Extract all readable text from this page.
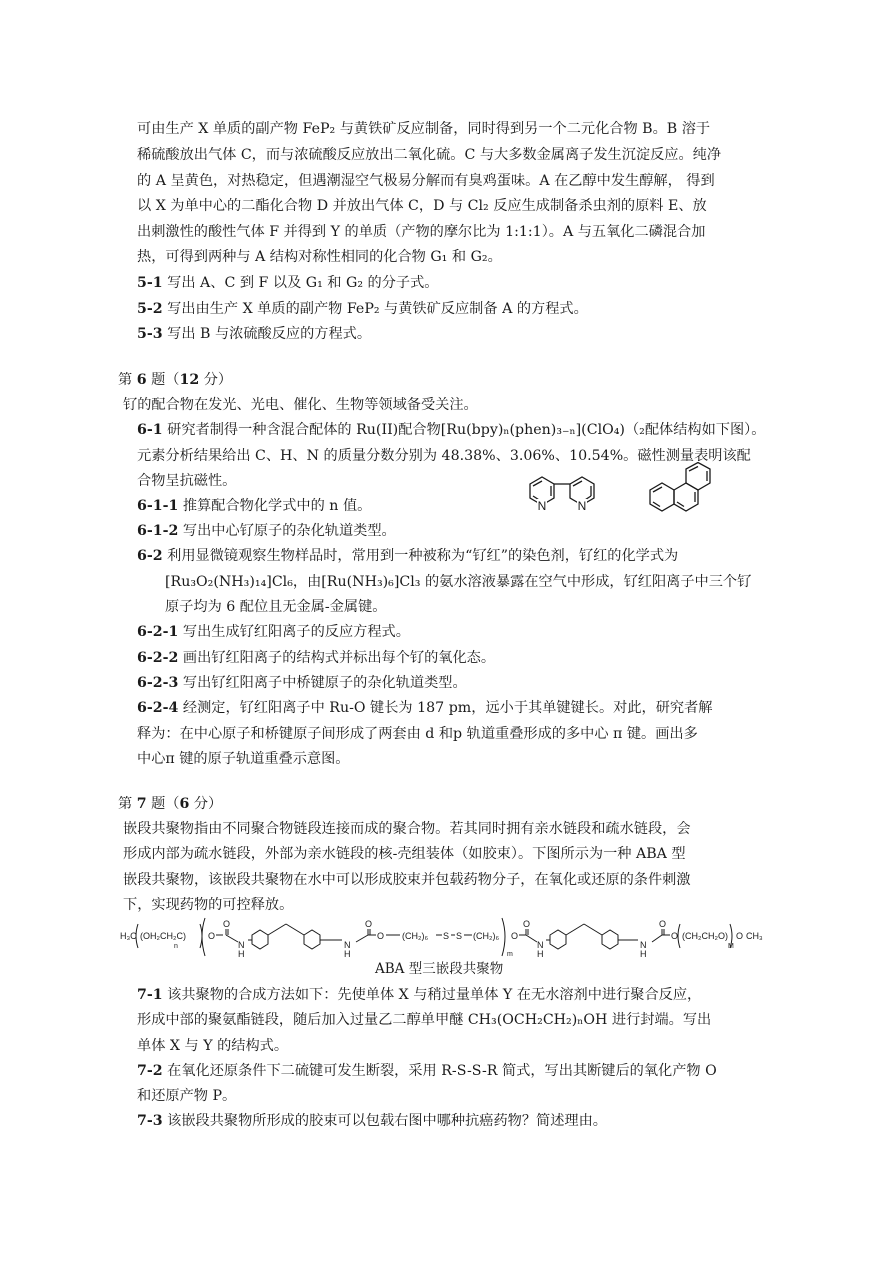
可由生产 X 单质的副产物 FeP₂ 与黄铁矿反应制备，同时得到另一个二元化合物 B。B 溶于
稀硫酸放出气体 C，而与浓硫酸反应放出二氧化硫。C 与大多数金属离子发生沉淀反应。纯净
的 A 呈黄色，对热稳定，但遇潮湿空气极易分解而有臭鸡蛋味。A 在乙醇中发生醇解， 得到
以 X 为单中心的二酯化合物 D 并放出气体 C，D 与 Cl₂ 反应生成制备杀虫剂的原料 E、放
出刺激性的酸性气体 F 并得到 Y 的单质（产物的摩尔比为 1:1:1）。A 与五氧化二磷混合加
热，可得到两种与 A 结构对称性相同的化合物 G₁ 和 G₂。
5-1 写出 A、C 到 F 以及 G₁ 和 G₂ 的分子式。
5-2 写出由生产 X 单质的副产物 FeP₂ 与黄铁矿反应制备 A 的方程式。
5-3 写出 B 与浓硫酸反应的方程式。
第 6 题（12 分）
钌的配合物在发光、光电、催化、生物等领域备受关注。
6-1 研究者制得一种含混合配体的 Ru(II)配合物[Ru(bpy)ₙ(phen)₃₋ₙ](ClO₄)（₂配体结构如下图）。
元素分析结果给出 C、H、N 的质量分数分别为 48.38%、3.06%、10.54%。磁性测量表明该配
合物呈抗磁性。
6-1-1 推算配合物化学式中的 n 值。
6-1-2 写出中心钌原子的杂化轨道类型。
N	N
6-2 利用显微镜观察生物样品时，常用到一种被称为“钌红”的染色剂，钌红的化学式为
[Ru₃O₂(NH₃)₁₄]Cl₆，由[Ru(NH₃)₆]Cl₃ 的氨水溶液暴露在空气中形成，钌红阳离子中三个钌
原子均为 6 配位且无金属-金属键。
6-2-1 写出生成钌红阳离子的反应方程式。
6-2-2 画出钌红阳离子的结构式并标出每个钌的氧化态。
6-2-3 写出钌红阳离子中桥键原子的杂化轨道类型。
6-2-4 经测定，钌红阳离子中 Ru-O 键长为 187 pm，远小于其单键键长。对此，研究者解
释为：在中心原子和桥键原子间形成了两套由 d 和p 轨道重叠形成的多中心 π 键。画出多
中心π 键的原子轨道重叠示意图。
第 7 题（6 分）
嵌段共聚物指由不同聚合物链段连接而成的聚合物。若其同时拥有亲水链段和疏水链段，会
形成内部为疏水链段，外部为亲水链段的核-壳组装体（如胶束）。下图所示为一种 ABA 型
嵌段共聚物，该嵌段共聚物在水中可以形成胶束并包载药物分子，在氧化或还原的条件刺激
下，实现药物的可控释放。
H₃C (OH₂CH₂C)
n
O
O
N H
N H
O
O (CH₂)₆ S S (CH₂)₆
m
O
O
N H
N H
O
O (CH₂CH₂O)
M
O CH₃
ABA 型三嵌段共聚物
7-1 该共聚物的合成方法如下：先使单体 X 与稍过量单体 Y 在无水溶剂中进行聚合反应，
形成中部的聚氨酯链段，随后加入过量乙二醇单甲醚 CH₃(OCH₂CH₂)ₙOH 进行封端。写出
单体 X 与 Y 的结构式。
7-2 在氧化还原条件下二硫键可发生断裂，采用 R-S-S-R 简式，写出其断键后的氧化产物 O
和还原产物 P。
7-3 该嵌段共聚物所形成的胶束可以包载右图中哪种抗癌药物？简述理由。
